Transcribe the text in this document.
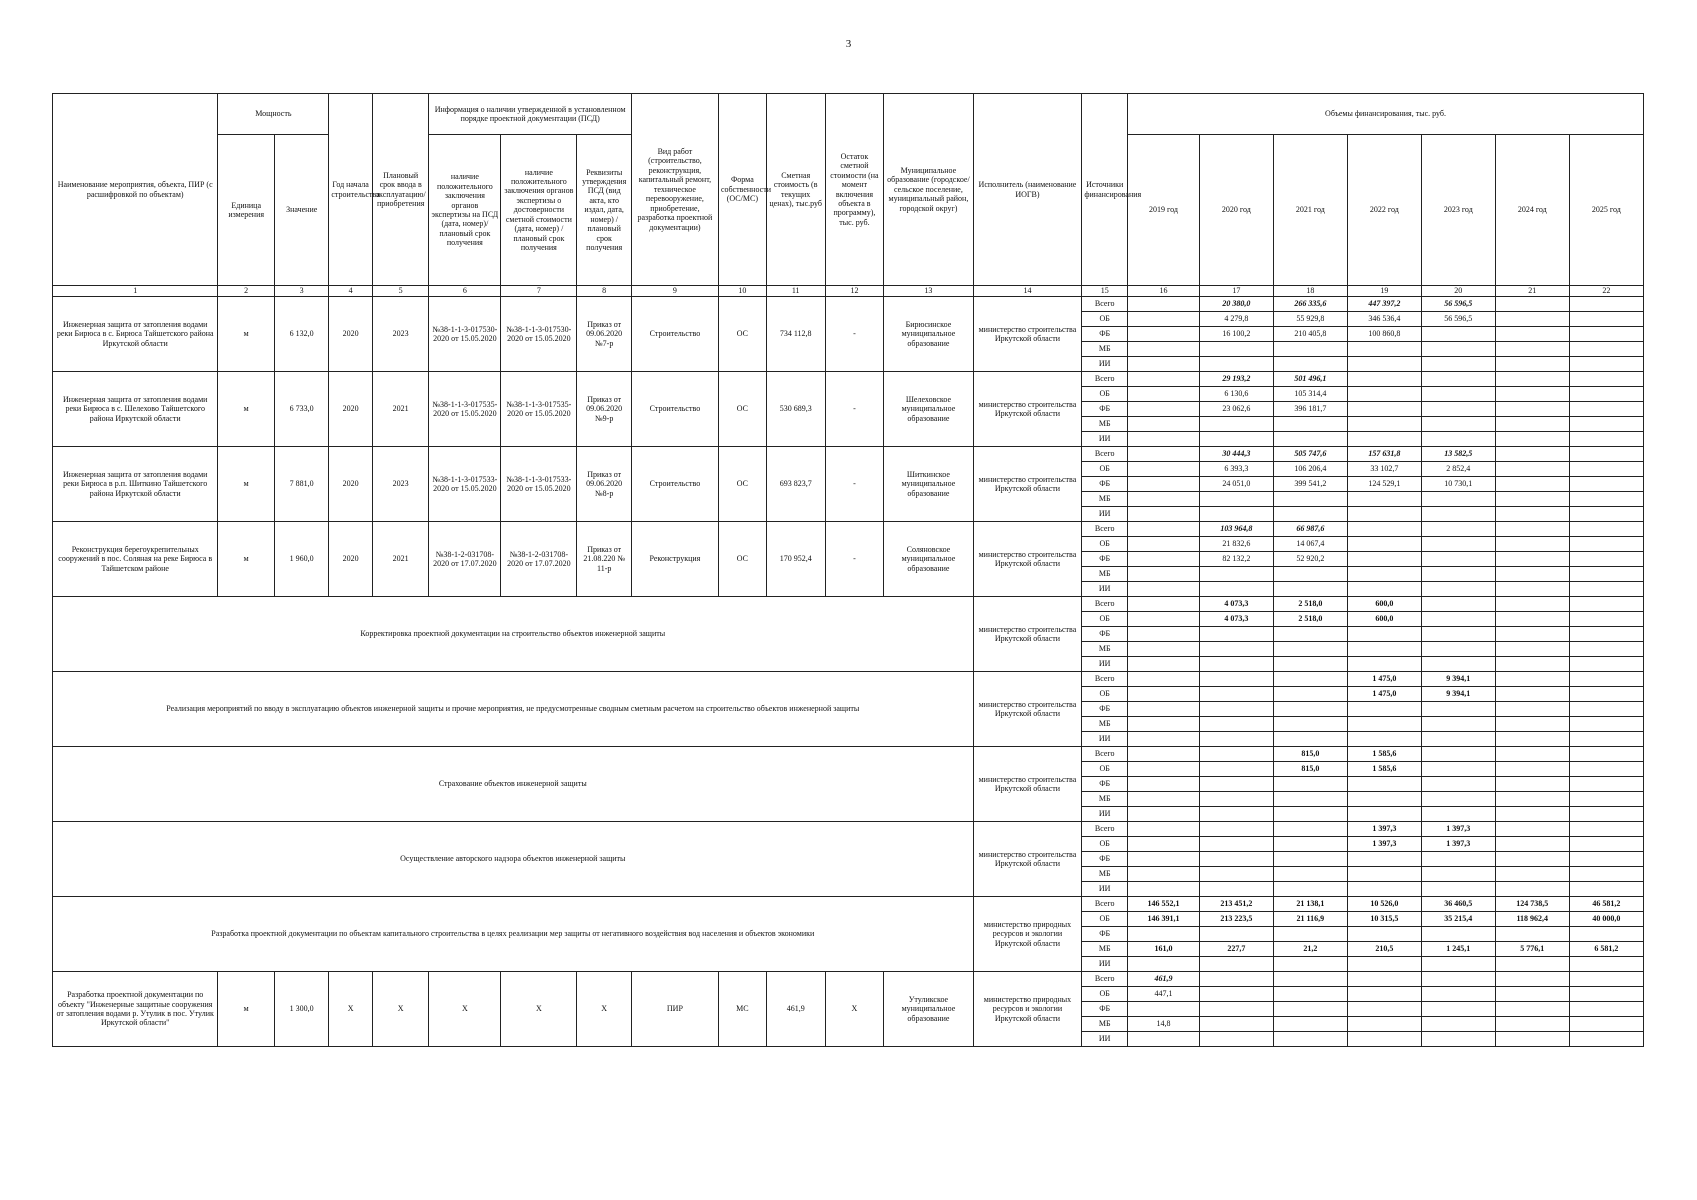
3
Наименование мероприятия, объекта, ПИР (с расшифровкой по объектам)	Мощность		Год начала строительства	Плановый срок ввода в эксплуатацию/приобретения	Информация о наличии утвержденной в установленном порядке проектной документации (ПСД)			Вид работ (строительство, реконструкция, капитальный ремонт, техническое перевооружение, приобретение, разработка проектной документации)	Форма собственности (ОС/МС)	Сметная стоимость (в текущих ценах), тыс.руб	Остаток сметной стоимости (на момент включения объекта в программу), тыс. руб.	Муниципальное образование (городское/сельское поселение, муниципальный район, городской округ)	Исполнитель (наименование ИОГВ)	Источники финансирования	Объемы финансирования, тыс. руб.						
	Единица измерения	Значение			наличие положительного заключения органов экспертизы на ПСД (дата, номер)/плановый срок получения	наличие положительного заключения органов экспертизы о достоверности сметной стоимости (дата, номер) / плановый срок получения	Реквизиты утверждения ПСД (вид акта, кто издал, дата, номер) / плановый срок получения								2019 год	2020 год	2021 год	2022 год	2023 год	2024 год	2025 год
1	2	3	4	5	6	7	8	9	10	11	12	13	14	15	16	17	18	19	20	21	22
Инженерная защита от затопления водами реки Бирюса в с. Бирюса Тайшетского района Иркутской области	м	6 132,0	2020	2023	№38-1-1-3-017530-2020 от 15.05.2020	№38-1-1-3-017530-2020 от 15.05.2020	Приказ от 09.06.2020 №7-р	Строительство	ОС	734 112,8	-	Бирюсинское муниципальное образование	министерство строительства Иркутской области	Всего		20 380,0	266 335,6	447 397,2	56 596,5		
														ОБ		4 279,8	55 929,8	346 536,4	56 596,5		
														ФБ		16 100,2	210 405,8	100 860,8			
														МБ							
														ИИ							
Инженерная защита от затопления водами реки Бирюса в с. Шелехово Тайшетского района Иркутской области	м	6 733,0	2020	2021	№38-1-1-3-017535-2020 от 15.05.2020	№38-1-1-3-017535-2020 от 15.05.2020	Приказ от 09.06.2020 №9-р	Строительство	ОС	530 689,3	-	Шелеховское муниципальное образование	министерство строительства Иркутской области	Всего		29 193,2	501 496,1				
														ОБ		6 130,6	105 314,4				
														ФБ		23 062,6	396 181,7				
														МБ							
														ИИ							
Инженерная защита от затопления водами реки Бирюса в р.п. Шиткино Тайшетского района Иркутской области	м	7 881,0	2020	2023	№38-1-1-3-017533-2020 от 15.05.2020	№38-1-1-3-017533-2020 от 15.05.2020	Приказ от 09.06.2020 №8-р	Строительство	ОС	693 823,7	-	Шиткинское муниципальное образование	министерство строительства Иркутской области	Всего		30 444,3	505 747,6	157 631,8	13 582,5		
														ОБ		6 393,3	106 206,4	33 102,7	2 852,4		
														ФБ		24 051,0	399 541,2	124 529,1	10 730,1		
														МБ							
														ИИ							
Реконструкция берегоукрепительных сооружений в пос. Соляная на реке Бирюса в Тайшетском районе	м	1 960,0	2020	2021	№38-1-2-031708-2020 от 17.07.2020	№38-1-2-031708-2020 от 17.07.2020	Приказ от 21.08.220 № 11-р	Реконструкция	ОС	170 952,4	-	Соляновское муниципальное образование	министерство строительства Иркутской области	Всего		103 964,8	66 987,6				
														ОБ		21 832,6	14 067,4				
														ФБ		82 132,2	52 920,2				
														МБ							
														ИИ							
Корректировка проектной документации на строительство объектов инженерной защиты													министерство строительства Иркутской области	Всего		4 073,3	2 518,0	600,0			
														ОБ		4 073,3	2 518,0	600,0			
														ФБ							
														МБ							
														ИИ							
Реализация мероприятий по вводу в эксплуатацию объектов инженерной защиты и прочие мероприятия, не предусмотренные сводным сметным расчетом на строительство объектов инженерной защиты													министерство строительства Иркутской области	Всего				1 475,0	9 394,1		
														ОБ				1 475,0	9 394,1		
														ФБ							
														МБ							
														ИИ							
Страхование объектов инженерной защиты													министерство строительства Иркутской области	Всего			815,0	1 585,6			
														ОБ			815,0	1 585,6			
														ФБ							
														МБ							
														ИИ							
Осуществление авторского надзора объектов инженерной защиты													министерство строительства Иркутской области	Всего				1 397,3	1 397,3		
														ОБ				1 397,3	1 397,3		
														ФБ							
														МБ							
														ИИ							
Разработка проектной документации по объектам капитального строительства в целях реализации мер защиты от негативного воздействия вод населения и объектов экономики													министерство природных ресурсов и экологии Иркутской области	Всего	146 552,1	213 451,2	21 138,1	10 526,0	36 460,5	124 738,5	46 581,2
														ОБ	146 391,1	213 223,5	21 116,9	10 315,5	35 215,4	118 962,4	40 000,0
														ФБ							
														МБ	161,0	227,7	21,2	210,5	1 245,1	5 776,1	6 581,2
														ИИ							
Разработка проектной документации по объекту "Инженерные защитные сооружения от затопления водами р. Утулик в пос. Утулик Иркутской области"	м	1 300,0	X	X	X	X	X	ПИР	МС	461,9	X	Утуликское муниципальное образование	министерство природных ресурсов и экологии Иркутской области	Всего	461,9						
														ОБ	447,1						
														ФБ							
														МБ	14,8						
														ИИ							
